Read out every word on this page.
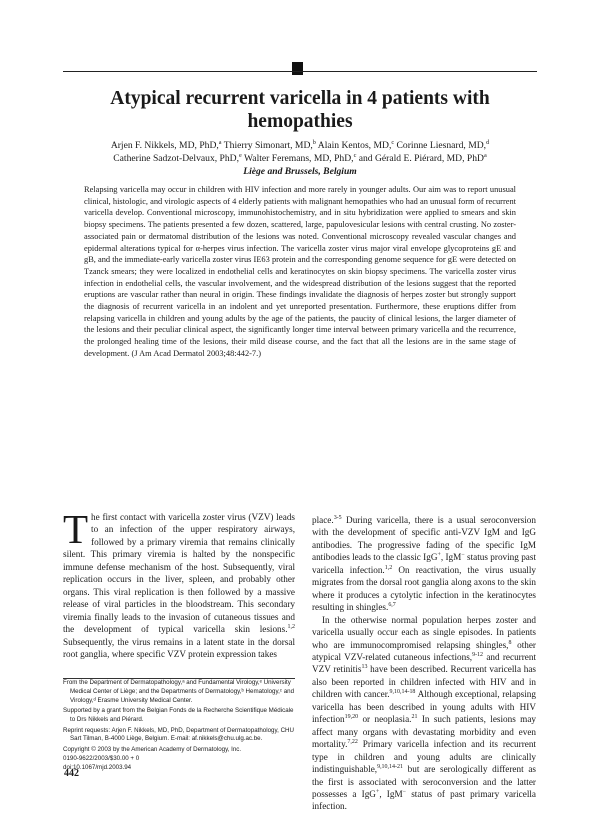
Atypical recurrent varicella in 4 patients with hemopathies
Arjen F. Nikkels, MD, PhD,$^a$ Thierry Simonart, MD,$^b$ Alain Kentos, MD,$^c$ Corinne Liesnard, MD,$^d$
Catherine Sadzot-Delvaux, PhD,$^e$ Walter Feremans, MD, PhD,$^c$ and Gérald E. Piérard, MD, PhD$^a$
Liège and Brussels, Belgium

Relapsing varicella may occur in children with HIV infection and more rarely in younger adults. Our aim was to report unusual clinical, histologic, and virologic aspects of 4 elderly patients with malignant hemopathies who had an unusual form of recurrent varicella develop. Conventional microscopy, immunohistochemistry, and in situ hybridization were applied to smears and skin biopsy specimens. The patients presented a few dozen, scattered, large, papulovesicular lesions with central crusting. No zoster-associated pain or dermatomal distribution of the lesions was noted. Conventional microscopy revealed vascular changes and epidermal alterations typical for α-herpes virus infection. The varicella zoster virus major viral envelope glycoproteins gE and gB, and the immediate-early varicella zoster virus IE63 protein and the corresponding genome sequence for gE were detected on Tzanck smears; they were localized in endothelial cells and keratinocytes on skin biopsy specimens. The varicella zoster virus infection in endothelial cells, the vascular involvement, and the widespread distribution of the lesions suggest that the reported eruptions are vascular rather than neural in origin. These findings invalidate the diagnosis of herpes zoster but strongly support the diagnosis of recurrent varicella in an indolent and yet unreported presentation. Furthermore, these eruptions differ from relapsing varicella in children and young adults by the age of the patients, the paucity of clinical lesions, the larger diameter of the lesions and their peculiar clinical aspect, the significantly longer time interval between primary varicella and the recurrence, the prolonged healing time of the lesions, their mild disease course, and the fact that all the lesions are in the same stage of development. (J Am Acad Dermatol 2003;48:442-7.)

The first contact with varicella zoster virus (VZV) leads to an infection of the upper respiratory airways, followed by a primary viremia that remains clinically silent. This primary viremia is halted by the nonspecific immune defense mechanism of the host. Subsequently, viral replication occurs in the liver, spleen, and probably other organs. This viral replication is then followed by a massive release of viral particles in the bloodstream. This secondary viremia finally leads to the invasion of cutaneous tissues and the development of typical varicella skin lesions.$^{1,2}$ Subsequently, the virus remains in a latent state in the dorsal root ganglia, where specific VZV protein expression takes

place.$^{3-5}$ During varicella, there is a usual seroconversion with the development of specific anti-VZV IgM and IgG antibodies. The progressive fading of the specific IgM antibodies leads to the classic IgG+, IgM− status proving past varicella infection.$^{1,2}$ On reactivation, the virus usually migrates from the dorsal root ganglia along axons to the skin where it produces a cytolytic infection in the keratinocytes resulting in shingles.$^{6,7}$

In the otherwise normal population herpes zoster and varicella usually occur each as single episodes. In patients who are immunocompromised relapsing shingles,$^8$ other atypical VZV-related cutaneous infections,$^{9-12}$ and recurrent VZV retinitis$^{13}$ have been described. Recurrent varicella has also been reported in children infected with HIV and in children with cancer.$^{9,10,14-18}$ Although exceptional, relapsing varicella has been described in young adults with HIV infection$^{19,20}$ or neoplasia.$^{21}$ In such patients, lesions may affect many organs with devastating morbidity and even mortality.$^{7,22}$ Primary varicella infection and its recurrent type in children and young adults are clinically indistinguishable,$^{9,10,14-21}$ but are serologically different as the first is associated with seroconversion and the latter possesses a IgG+, IgM− status of past primary varicella infection.

From the Department of Dermatopathology,ᵃ and Fundamental Virology,ᵉ University Medical Center of Liège; and the Departments of Dermatology,ᵇ Hematology,ᶜ and Virology,ᵈ Erasme University Medical Center.

Supported by a grant from the Belgian Fonds de la Recherche Scientifique Médicale to Drs Nikkels and Piérard.

Reprint requests: Arjen F. Nikkels, MD, PhD, Department of Dermatopathology, CHU Sart Tilman, B-4000 Liège, Belgium. E-mail: af.nikkels@chu.ulg.ac.be.

Copyright © 2003 by the American Academy of Dermatology, Inc.
0190-9622/2003/$30.00 + 0
doi:10.1067/mjd.2003.94

442
